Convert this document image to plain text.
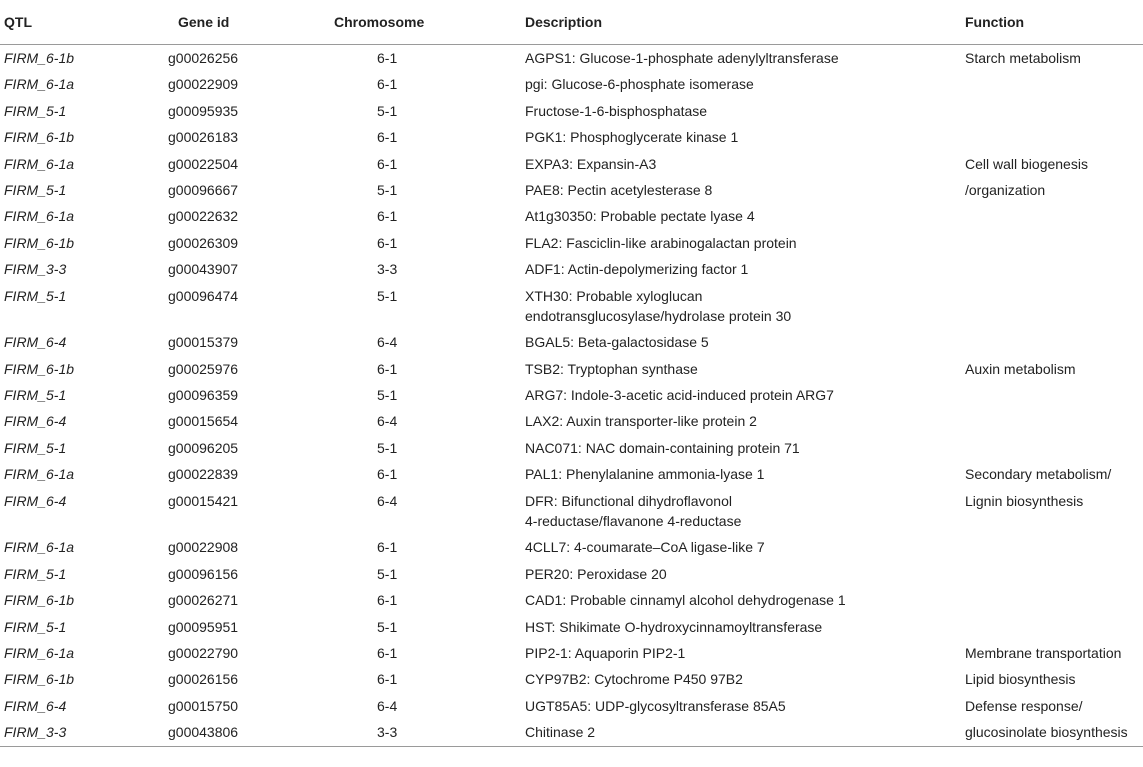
QTL	Gene id	Chromosome	Description	Function
FIRM_6-1b	g00026256	6-1	AGPS1: Glucose-1-phosphate adenylyltransferase	Starch metabolism
FIRM_6-1a	g00022909	6-1	pgi: Glucose-6-phosphate isomerase	

FIRM_5-1	g00095935	5-1	Fructose-1-6-bisphosphatase	

FIRM_6-1b	g00026183	6-1	PGK1: Phosphoglycerate kinase 1	

FIRM_6-1a	g00022504	6-1	EXPA3: Expansin-A3	Cell wall biogenesis
FIRM_5-1	g00096667	5-1	PAE8: Pectin acetylesterase 8	/organization
FIRM_6-1a	g00022632	6-1	At1g30350: Probable pectate lyase 4	

FIRM_6-1b	g00026309	6-1	FLA2: Fasciclin-like arabinogalactan protein	

FIRM_3-3	g00043907	3-3	ADF1: Actin-depolymerizing factor 1	

FIRM_5-1	g00096474	5-1	XTH30: Probable xyloglucan
endotransglucosylase/hydrolase protein 30	

FIRM_6-4	g00015379	6-4	BGAL5: Beta-galactosidase 5	

FIRM_6-1b	g00025976	6-1	TSB2: Tryptophan synthase	Auxin metabolism
FIRM_5-1	g00096359	5-1	ARG7: Indole-3-acetic acid-induced protein ARG7	

FIRM_6-4	g00015654	6-4	LAX2: Auxin transporter-like protein 2	

FIRM_5-1	g00096205	5-1	NAC071: NAC domain-containing protein 71	

FIRM_6-1a	g00022839	6-1	PAL1: Phenylalanine ammonia-lyase 1	Secondary metabolism/
FIRM_6-4	g00015421	6-4	DFR: Bifunctional dihydroflavonol
4-reductase/flavanone 4-reductase	Lignin biosynthesis
FIRM_6-1a	g00022908	6-1	4CLL7: 4-coumarate–CoA ligase-like 7	

FIRM_5-1	g00096156	5-1	PER20: Peroxidase 20	

FIRM_6-1b	g00026271	6-1	CAD1: Probable cinnamyl alcohol dehydrogenase 1	

FIRM_5-1	g00095951	5-1	HST: Shikimate O-hydroxycinnamoyltransferase	

FIRM_6-1a	g00022790	6-1	PIP2-1: Aquaporin PIP2-1	Membrane transportation
FIRM_6-1b	g00026156	6-1	CYP97B2: Cytochrome P450 97B2	Lipid biosynthesis
FIRM_6-4	g00015750	6-4	UGT85A5: UDP-glycosyltransferase 85A5	Defense response/
FIRM_3-3	g00043806	3-3	Chitinase 2	glucosinolate biosynthesis
